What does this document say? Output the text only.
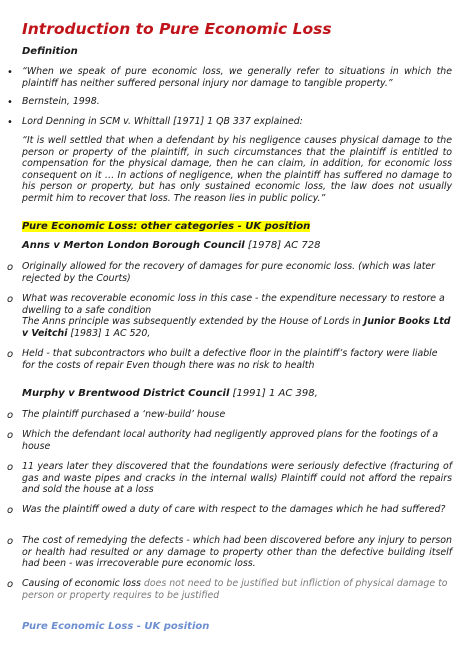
Introduction to Pure Economic Loss

Definition

• “When we speak of pure economic loss, we generally refer to situations in which the plaintiff has neither suffered personal injury nor damage to tangible property.”

• Bernstein, 1998.

• Lord Denning in SCM v. Whittall [1971] 1 QB 337 explained:

“It is well settled that when a defendant by his negligence causes physical damage to the person or property of the plaintiff, in such circumstances that the plaintiff is entitled to compensation for the physical damage, then he can claim, in addition, for economic loss consequent on it … In actions of negligence, when the plaintiff has suffered no damage to his person or property, but has only sustained economic loss, the law does not usually permit him to recover that loss. The reason lies in public policy.”

Pure Economic Loss: other categories - UK position

Anns v Merton London Borough Council [1978] AC 728

o Originally allowed for the recovery of damages for pure economic loss. (which was later rejected by the Courts)

o What was recoverable economic loss in this case - the expenditure necessary to restore a dwelling to a safe condition

The Anns principle was subsequently extended by the House of Lords in Junior Books Ltd v Veitchi [1983] 1 AC 520,

o Held - that subcontractors who built a defective floor in the plaintiff’s factory were liable for the costs of repair Even though there was no risk to health

Murphy v Brentwood District Council [1991] 1 AC 398,

o The plaintiff purchased a ‘new-build’ house

o Which the defendant local authority had negligently approved plans for the footings of a house

o 11 years later they discovered that the foundations were seriously defective (fracturing of gas and waste pipes and cracks in the internal walls) Plaintiff could not afford the repairs and sold the house at a loss

o Was the plaintiff owed a duty of care with respect to the damages which he had suffered?

o The cost of remedying the defects - which had been discovered before any injury to person or health had resulted or any damage to property other than the defective building itself had been - was irrecoverable pure economic loss.

o Causing of economic loss does not need to be justified but infliction of physical damage to person or property requires to be justified

Pure Economic Loss - UK position
